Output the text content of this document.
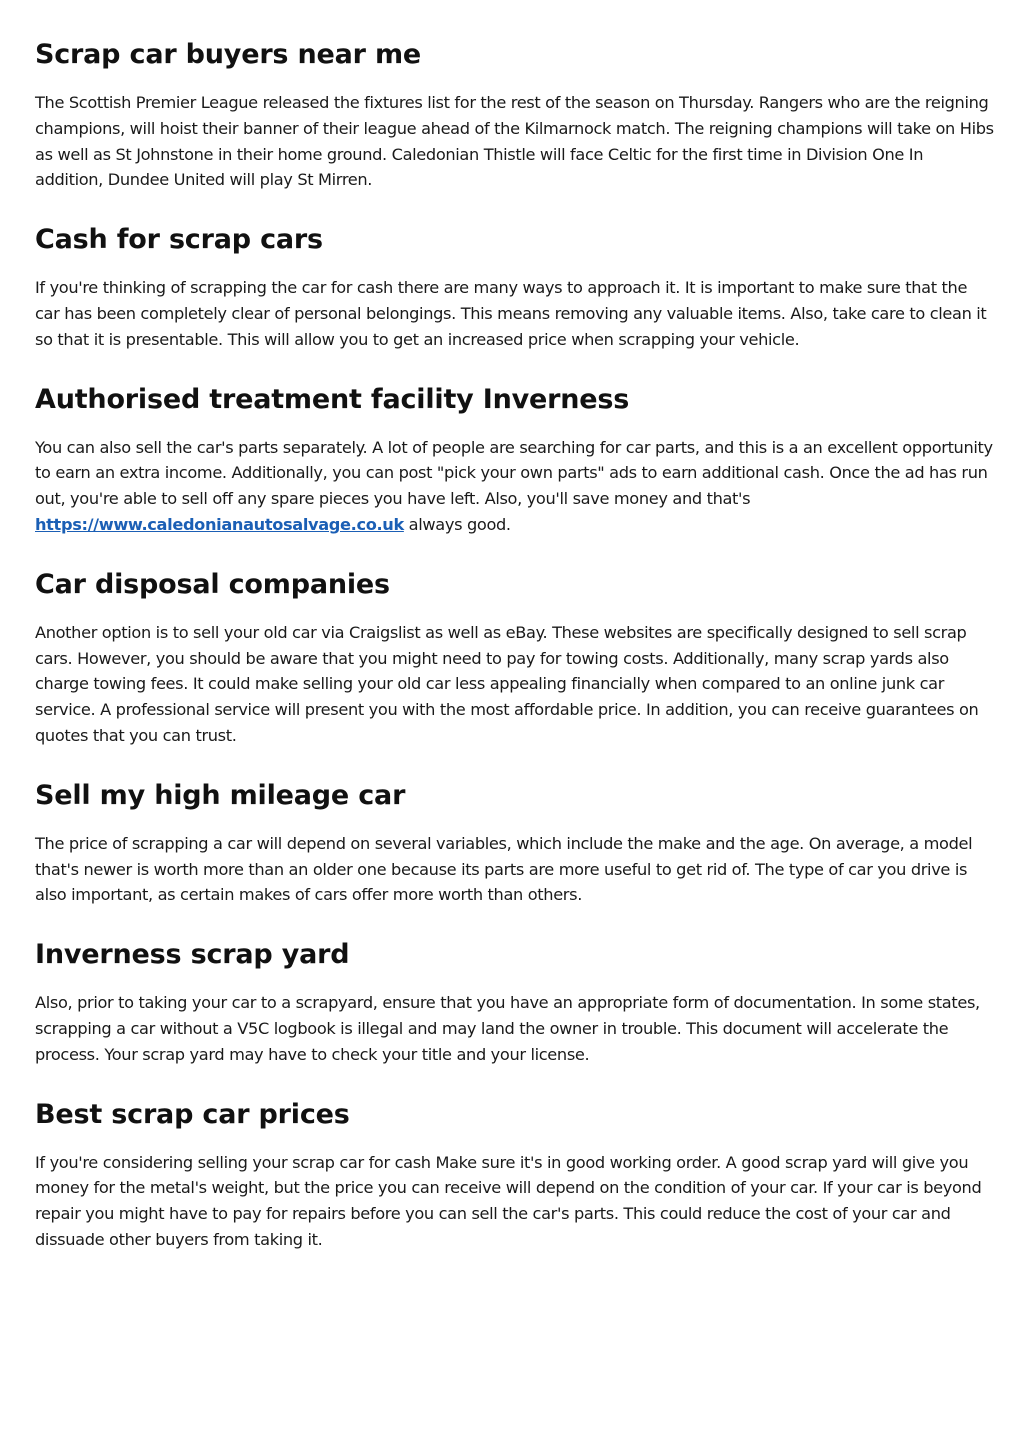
Scrap car buyers near me

The Scottish Premier League released the fixtures list for the rest of the season on Thursday. Rangers who are the reigning champions, will hoist their banner of their league ahead of the Kilmarnock match. The reigning champions will take on Hibs as well as St Johnstone in their home ground. Caledonian Thistle will face Celtic for the first time in Division One In addition, Dundee United will play St Mirren.

Cash for scrap cars

If you're thinking of scrapping the car for cash there are many ways to approach it. It is important to make sure that the car has been completely clear of personal belongings. This means removing any valuable items. Also, take care to clean it so that it is presentable. This will allow you to get an increased price when scrapping your vehicle.

Authorised treatment facility Inverness

You can also sell the car's parts separately. A lot of people are searching for car parts, and this is a an excellent opportunity to earn an extra income. Additionally, you can post "pick your own parts" ads to earn additional cash. Once the ad has run out, you're able to sell off any spare pieces you have left. Also, you'll save money and that's https://www.caledonianautosalvage.co.uk always good.

Car disposal companies

Another option is to sell your old car via Craigslist as well as eBay. These websites are specifically designed to sell scrap cars. However, you should be aware that you might need to pay for towing costs. Additionally, many scrap yards also charge towing fees. It could make selling your old car less appealing financially when compared to an online junk car service. A professional service will present you with the most affordable price. In addition, you can receive guarantees on quotes that you can trust.

Sell my high mileage car

The price of scrapping a car will depend on several variables, which include the make and the age. On average, a model that's newer is worth more than an older one because its parts are more useful to get rid of. The type of car you drive is also important, as certain makes of cars offer more worth than others.

Inverness scrap yard

Also, prior to taking your car to a scrapyard, ensure that you have an appropriate form of documentation. In some states, scrapping a car without a V5C logbook is illegal and may land the owner in trouble. This document will accelerate the process. Your scrap yard may have to check your title and your license.

Best scrap car prices

If you're considering selling your scrap car for cash Make sure it's in good working order. A good scrap yard will give you money for the metal's weight, but the price you can receive will depend on the condition of your car. If your car is beyond repair you might have to pay for repairs before you can sell the car's parts. This could reduce the cost of your car and dissuade other buyers from taking it.
